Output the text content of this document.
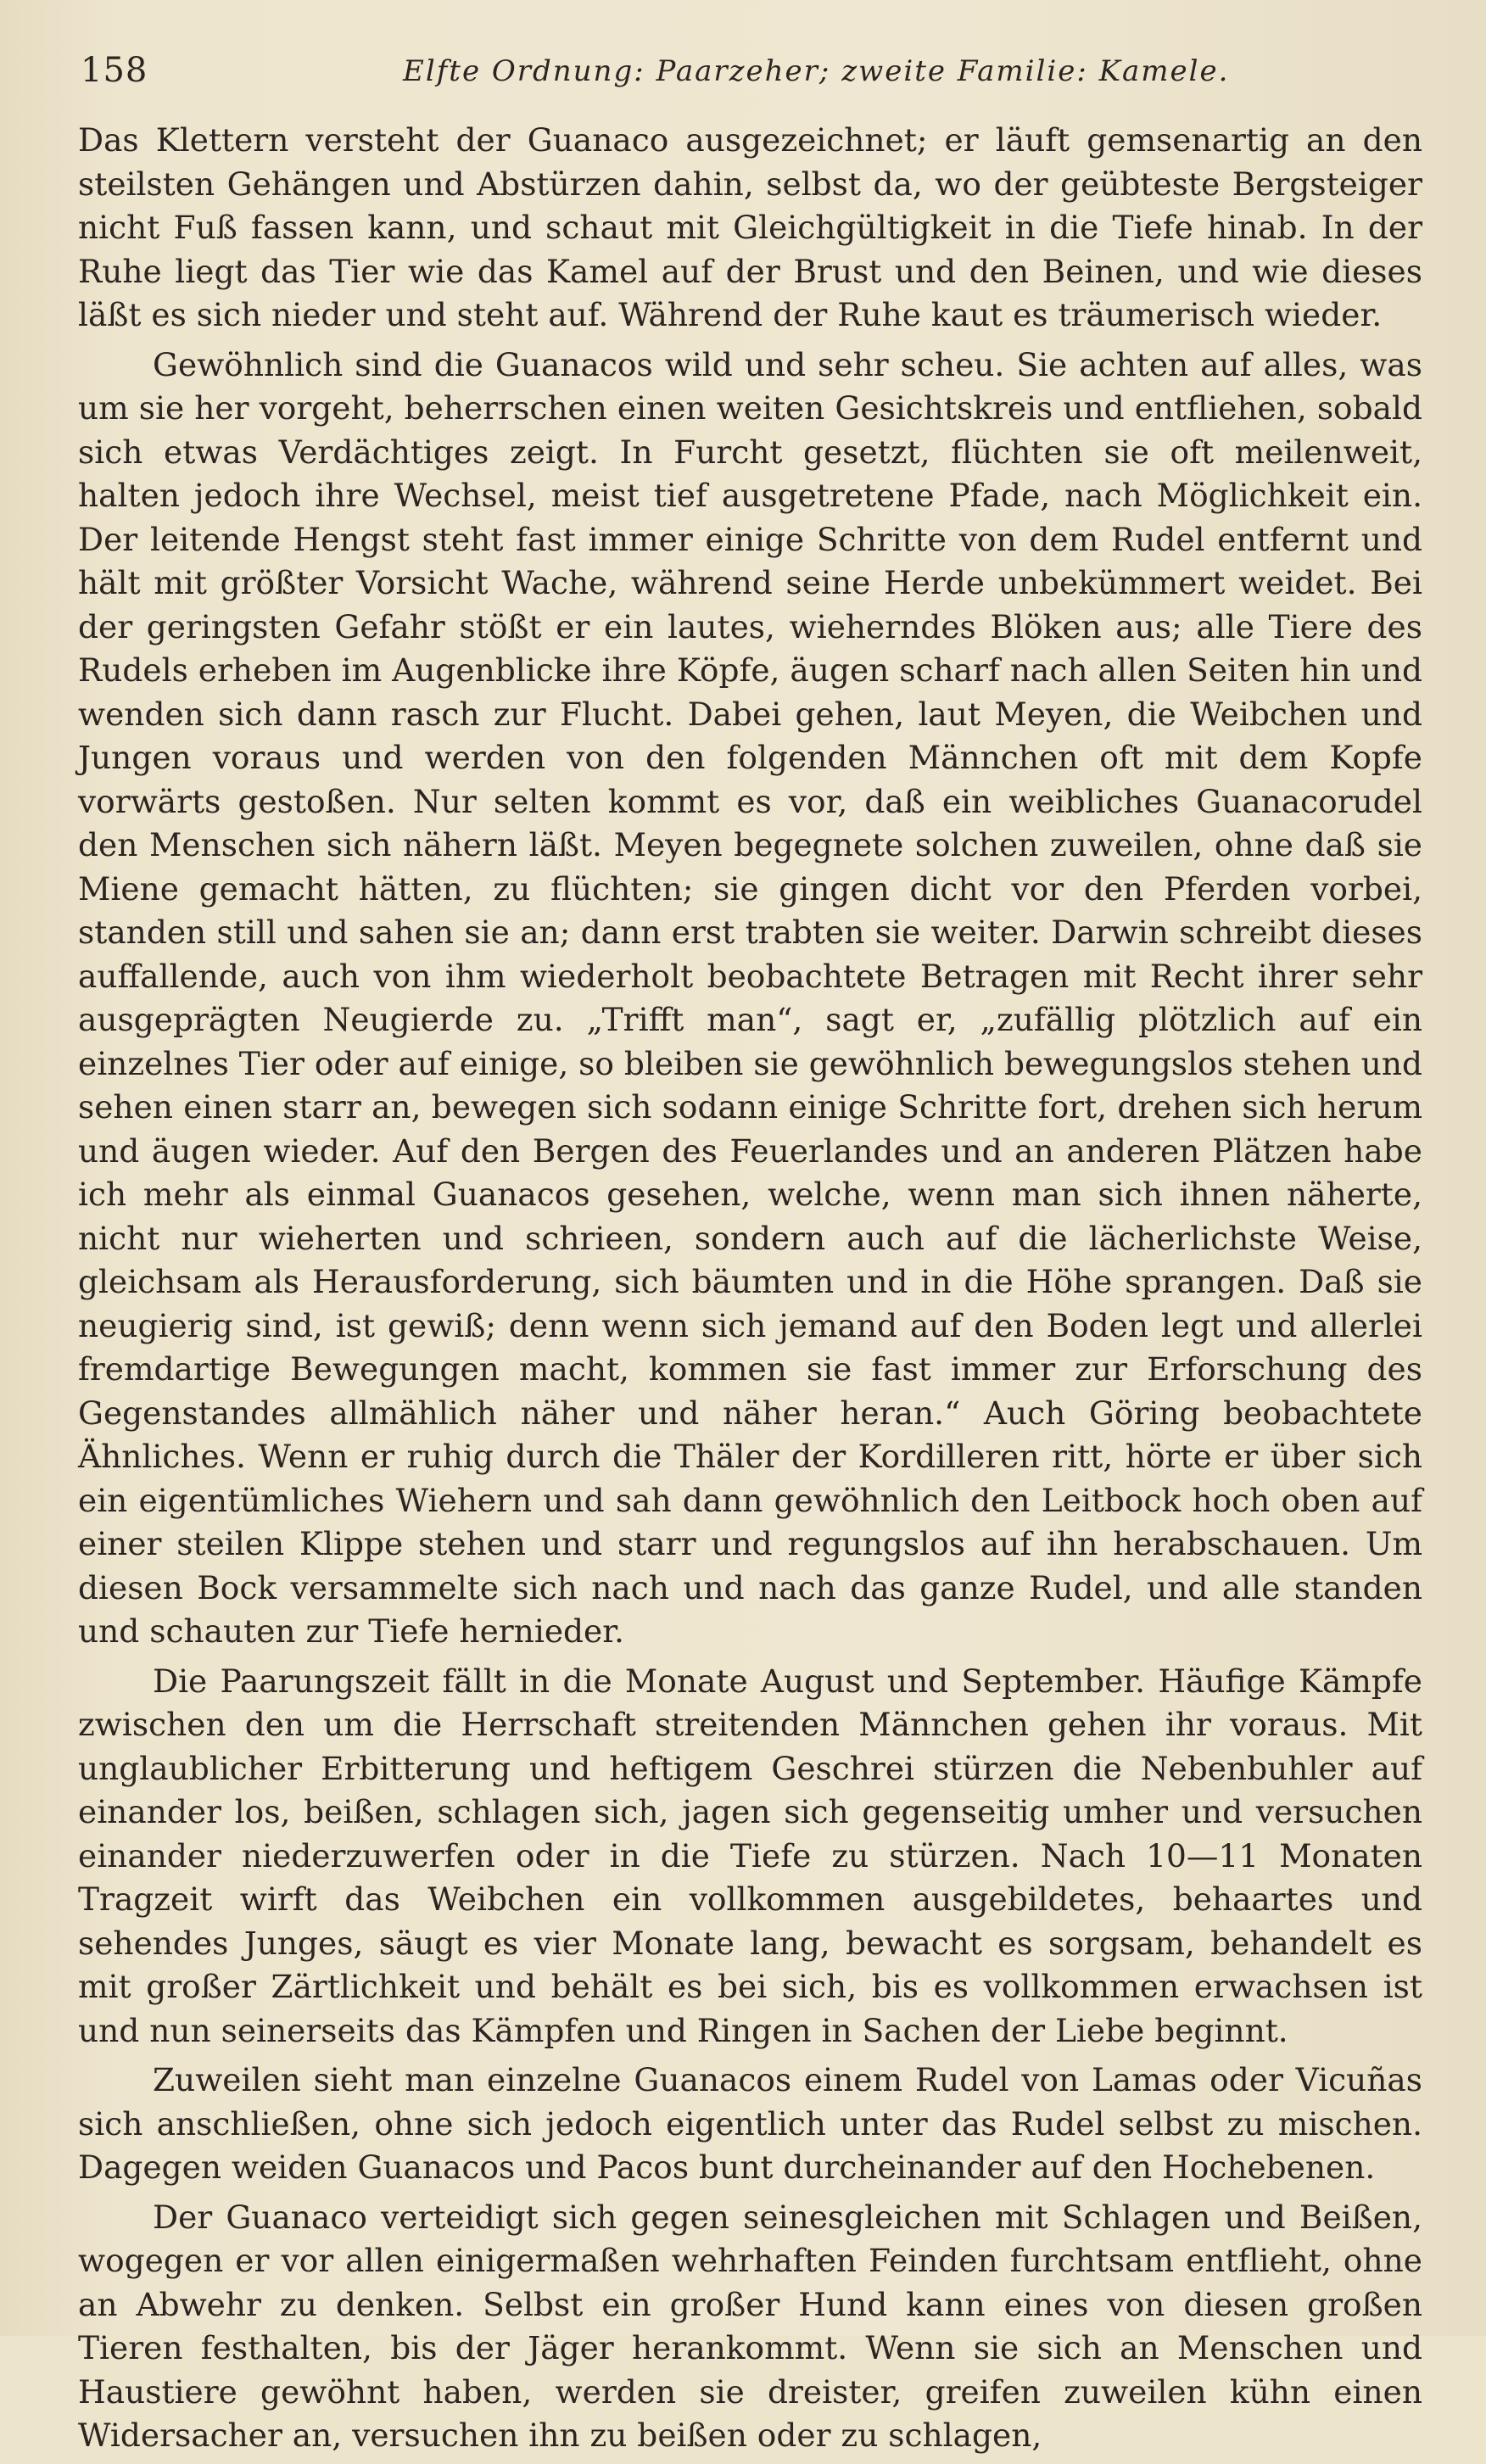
158	Elfte Ordnung: Paarzeher; zweite Familie: Kamele.

Das Klettern versteht der Guanaco ausgezeichnet; er läuft gemsenartig an den steilsten Gehängen und Abstürzen dahin, selbst da, wo der geübteste Bergsteiger nicht Fuß fassen kann, und schaut mit Gleichgültigkeit in die Tiefe hinab. In der Ruhe liegt das Tier wie das Kamel auf der Brust und den Beinen, und wie dieses läßt es sich nieder und steht auf. Während der Ruhe kaut es träumerisch wieder.

Gewöhnlich sind die Guanacos wild und sehr scheu. Sie achten auf alles, was um sie her vorgeht, beherrschen einen weiten Gesichtskreis und entfliehen, sobald sich etwas Verdächtiges zeigt. In Furcht gesetzt, flüchten sie oft meilenweit, halten jedoch ihre Wechsel, meist tief ausgetretene Pfade, nach Möglichkeit ein. Der leitende Hengst steht fast immer einige Schritte von dem Rudel entfernt und hält mit größter Vorsicht Wache, während seine Herde unbekümmert weidet. Bei der geringsten Gefahr stößt er ein lautes, wieherndes Blöken aus; alle Tiere des Rudels erheben im Augenblicke ihre Köpfe, äugen scharf nach allen Seiten hin und wenden sich dann rasch zur Flucht. Dabei gehen, laut Meyen, die Weibchen und Jungen voraus und werden von den folgenden Männchen oft mit dem Kopfe vorwärts gestoßen. Nur selten kommt es vor, daß ein weibliches Guanacorudel den Menschen sich nähern läßt. Meyen begegnete solchen zuweilen, ohne daß sie Miene gemacht hätten, zu flüchten; sie gingen dicht vor den Pferden vorbei, standen still und sahen sie an; dann erst trabten sie weiter. Darwin schreibt dieses auffallende, auch von ihm wiederholt beobachtete Betragen mit Recht ihrer sehr ausgeprägten Neugierde zu. „Trifft man“, sagt er, „zufällig plötzlich auf ein einzelnes Tier oder auf einige, so bleiben sie gewöhnlich bewegungslos stehen und sehen einen starr an, bewegen sich sodann einige Schritte fort, drehen sich herum und äugen wieder. Auf den Bergen des Feuerlandes und an anderen Plätzen habe ich mehr als einmal Guanacos gesehen, welche, wenn man sich ihnen näherte, nicht nur wieherten und schrieen, sondern auch auf die lächerlichste Weise, gleichsam als Herausforderung, sich bäumten und in die Höhe sprangen. Daß sie neugierig sind, ist gewiß; denn wenn sich jemand auf den Boden legt und allerlei fremdartige Bewegungen macht, kommen sie fast immer zur Erforschung des Gegenstandes allmählich näher und näher heran.“ Auch Göring beobachtete Ähnliches. Wenn er ruhig durch die Thäler der Kordilleren ritt, hörte er über sich ein eigentümliches Wiehern und sah dann gewöhnlich den Leitbock hoch oben auf einer steilen Klippe stehen und starr und regungslos auf ihn herabschauen. Um diesen Bock versammelte sich nach und nach das ganze Rudel, und alle standen und schauten zur Tiefe hernieder.

Die Paarungszeit fällt in die Monate August und September. Häufige Kämpfe zwischen den um die Herrschaft streitenden Männchen gehen ihr voraus. Mit unglaublicher Erbitterung und heftigem Geschrei stürzen die Nebenbuhler auf einander los, beißen, schlagen sich, jagen sich gegenseitig umher und versuchen einander niederzuwerfen oder in die Tiefe zu stürzen. Nach 10—11 Monaten Tragzeit wirft das Weibchen ein vollkommen ausgebildetes, behaartes und sehendes Junges, säugt es vier Monate lang, bewacht es sorgsam, behandelt es mit großer Zärtlichkeit und behält es bei sich, bis es vollkommen erwachsen ist und nun seinerseits das Kämpfen und Ringen in Sachen der Liebe beginnt.

Zuweilen sieht man einzelne Guanacos einem Rudel von Lamas oder Vicuñas sich anschließen, ohne sich jedoch eigentlich unter das Rudel selbst zu mischen. Dagegen weiden Guanacos und Pacos bunt durcheinander auf den Hochebenen.

Der Guanaco verteidigt sich gegen seinesgleichen mit Schlagen und Beißen, wogegen er vor allen einigermaßen wehrhaften Feinden furchtsam entflieht, ohne an Abwehr zu denken. Selbst ein großer Hund kann eines von diesen großen Tieren festhalten, bis der Jäger herankommt. Wenn sie sich an Menschen und Haustiere gewöhnt haben, werden sie dreister, greifen zuweilen kühn einen Widersacher an, versuchen ihn zu beißen oder zu schlagen,
